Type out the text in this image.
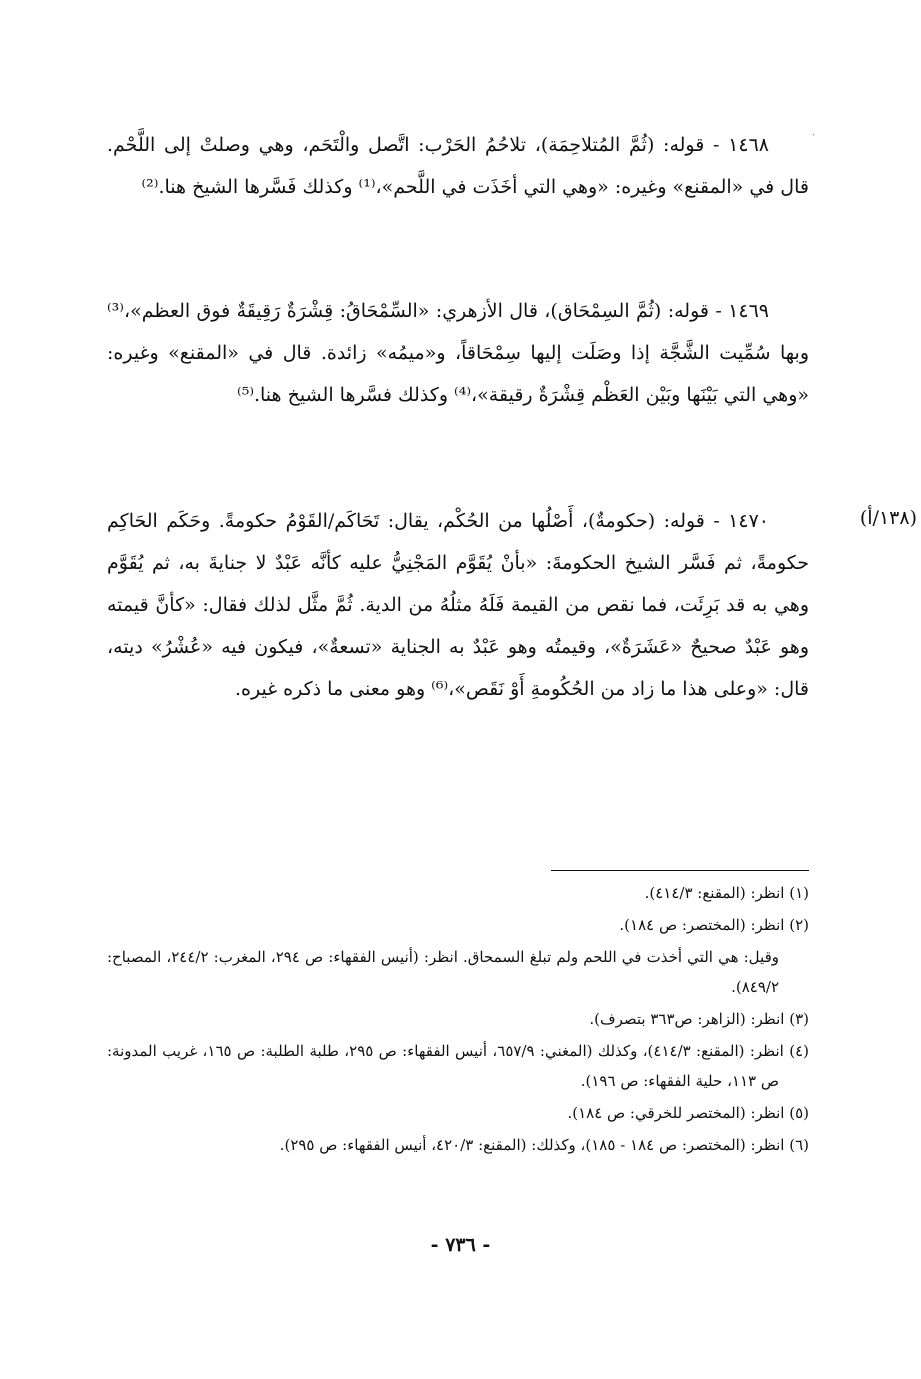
ˎ

١٤٦٨ - قوله: (ثُمَّ المُتلاحِمَة)، تلاحُمُ الحَرْب: اتَّصل والْتَحَم، وهي وصلتْ إلى اللَّحْم. قال في «المقنع» وغيره: «وهي التي أخَذَت في اللَّحم»،⁽¹⁾ وكذلك فَسَّرها الشيخ هنا.⁽²⁾

١٤٦٩ - قوله: (ثُمَّ السِمْحَاق)، قال الأزهري: «السِّمْحَاقُ: قِشْرَةٌ رَقِيقَةٌ فوق العظم»،⁽³⁾ وبها سُمِّيت الشَّجَّة إذا وصَلَت إليها سِمْحَاقاً، و«ميمُه» زائدة. قال في «المقنع» وغيره: «وهي التي بَيْنَها وبَيْن العَظْم قِشْرَةٌ رقيقة»،⁽⁴⁾ وكذلك فسَّرها الشيخ هنا.⁽⁵⁾

(١٣٨/أ)

١٤٧٠ - قوله: (حكومةٌ)، أَصْلُها من الحُكْم، يقال: تَحَاكَم/القَوْمُ حكومةً. وحَكَم الحَاكِم حكومةً، ثم فَسَّر الشيخ الحكومةَ: «بأنْ يُقَوَّم المَجْنِيُّ عليه كأنَّه عَبْدٌ لا جنايةَ به، ثم يُقَوَّم وهي به قد بَرِئَت، فما نقص من القيمة فَلَهُ مثلُهُ من الدية. ثُمَّ مثَّل لذلك فقال: «كأنَّ قيمته وهو عَبْدٌ صحيحٌ «عَشَرَةٌ»، وقيمتُه وهو عَبْدٌ به الجناية «تسعةٌ»، فيكون فيه «عُشْرُ» ديته، قال: «وعلى هذا ما زاد من الحُكُومةِ أَوْ نَقَص»،⁽⁶⁾ وهو معنى ما ذكره غيره.

(١) انظر: (المقنع: ٤١٤/٣).

(٢) انظر: (المختصر: ص ١٨٤).

وقيل: هي التي أخذت في اللحم ولم تبلغ السمحاق. انظر: (أنيس الفقهاء: ص ٢٩٤، المغرب: ٢٤٤/٢، المصباح: ٨٤٩/٢).

(٣) انظر: (الزاهر: ص٣٦٣ بتصرف).

(٤) انظر: (المقنع: ٤١٤/٣)، وكذلك (المغني: ٦٥٧/٩، أنيس الفقهاء: ص ٢٩٥، طلبة الطلبة: ص ١٦٥، غريب المدونة: ص ١١٣، حلية الفقهاء: ص ١٩٦).

(٥) انظر: (المختصر للخرقي: ص ١٨٤).

(٦) انظر: (المختصر: ص ١٨٤ - ١٨٥)، وكذلك: (المقنع: ٤٢٠/٣، أنيس الفقهاء: ص ٢٩٥).

- ٧٣٦ -
